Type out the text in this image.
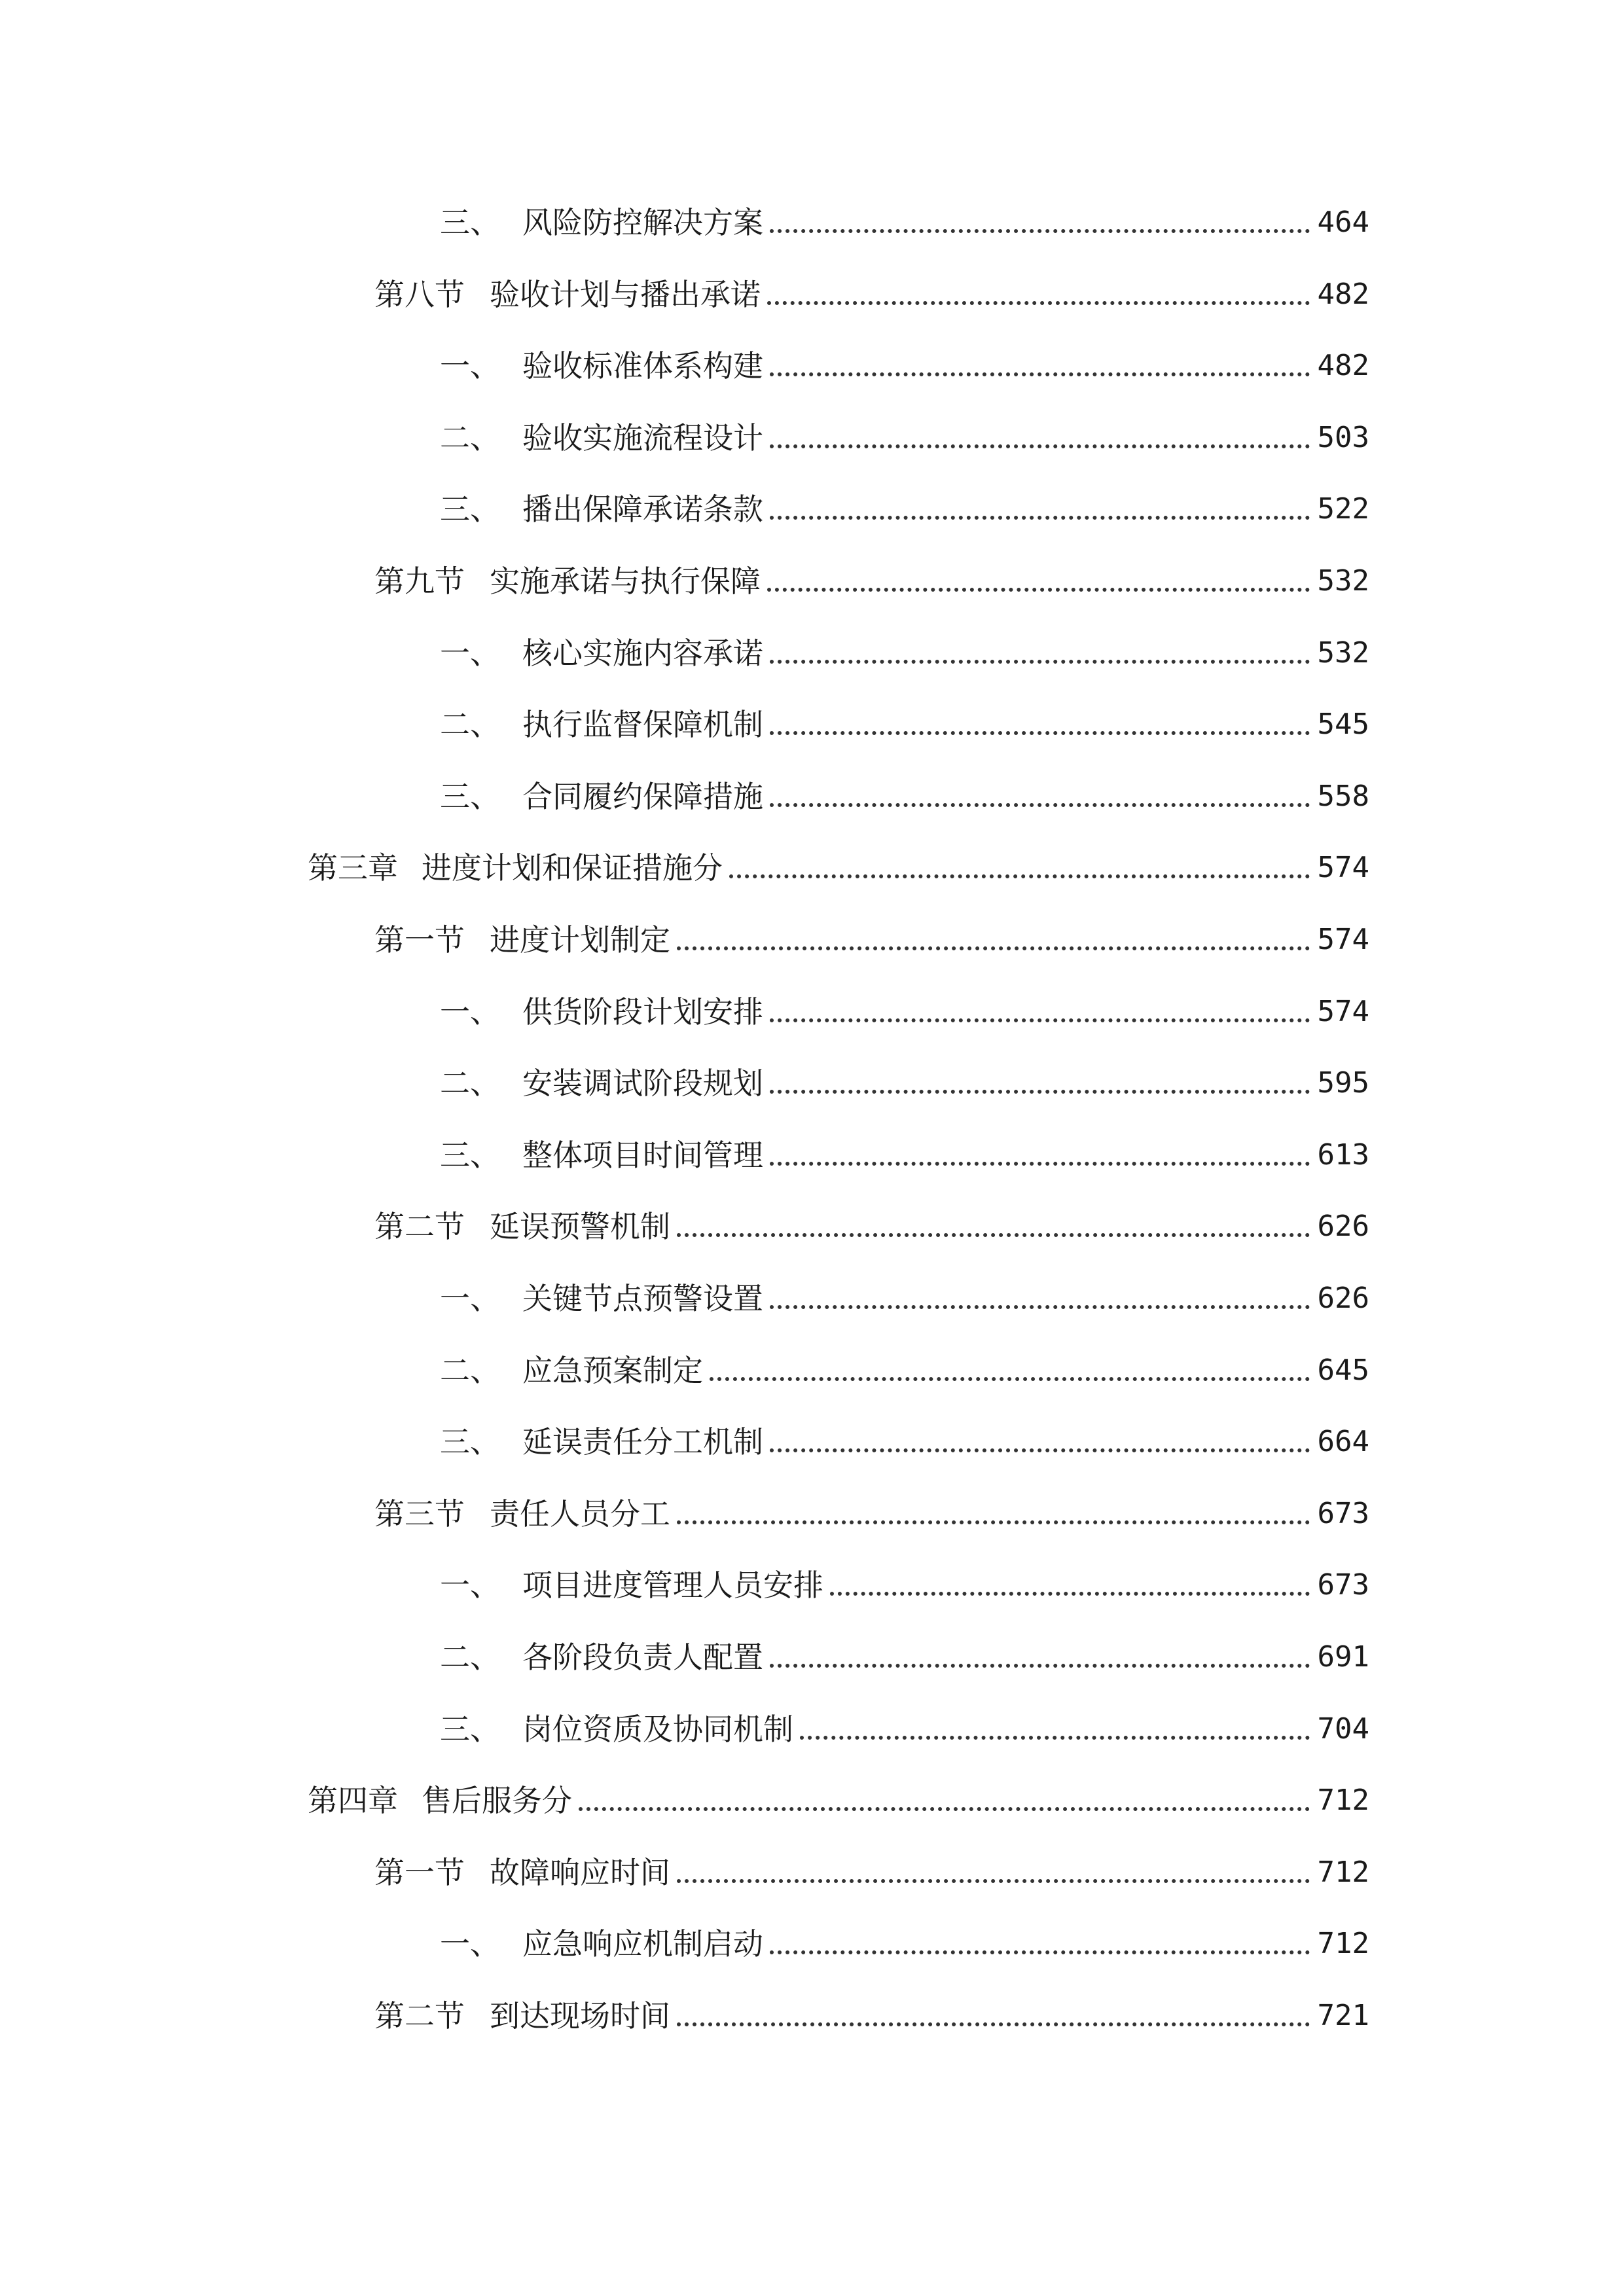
三、 风险防控解决方案	464
第八节 验收计划与播出承诺	482
一、 验收标准体系构建	482
二、 验收实施流程设计	503
三、 播出保障承诺条款	522
第九节 实施承诺与执行保障	532
一、 核心实施内容承诺	532
二、 执行监督保障机制	545
三、 合同履约保障措施	558
第三章 进度计划和保证措施分	574
第一节 进度计划制定	574
一、 供货阶段计划安排	574
二、 安装调试阶段规划	595
三、 整体项目时间管理	613
第二节 延误预警机制	626
一、 关键节点预警设置	626
二、 应急预案制定	645
三、 延误责任分工机制	664
第三节 责任人员分工	673
一、 项目进度管理人员安排	673
二、 各阶段负责人配置	691
三、 岗位资质及协同机制	704
第四章 售后服务分	712
第一节 故障响应时间	712
一、 应急响应机制启动	712
第二节 到达现场时间	721
